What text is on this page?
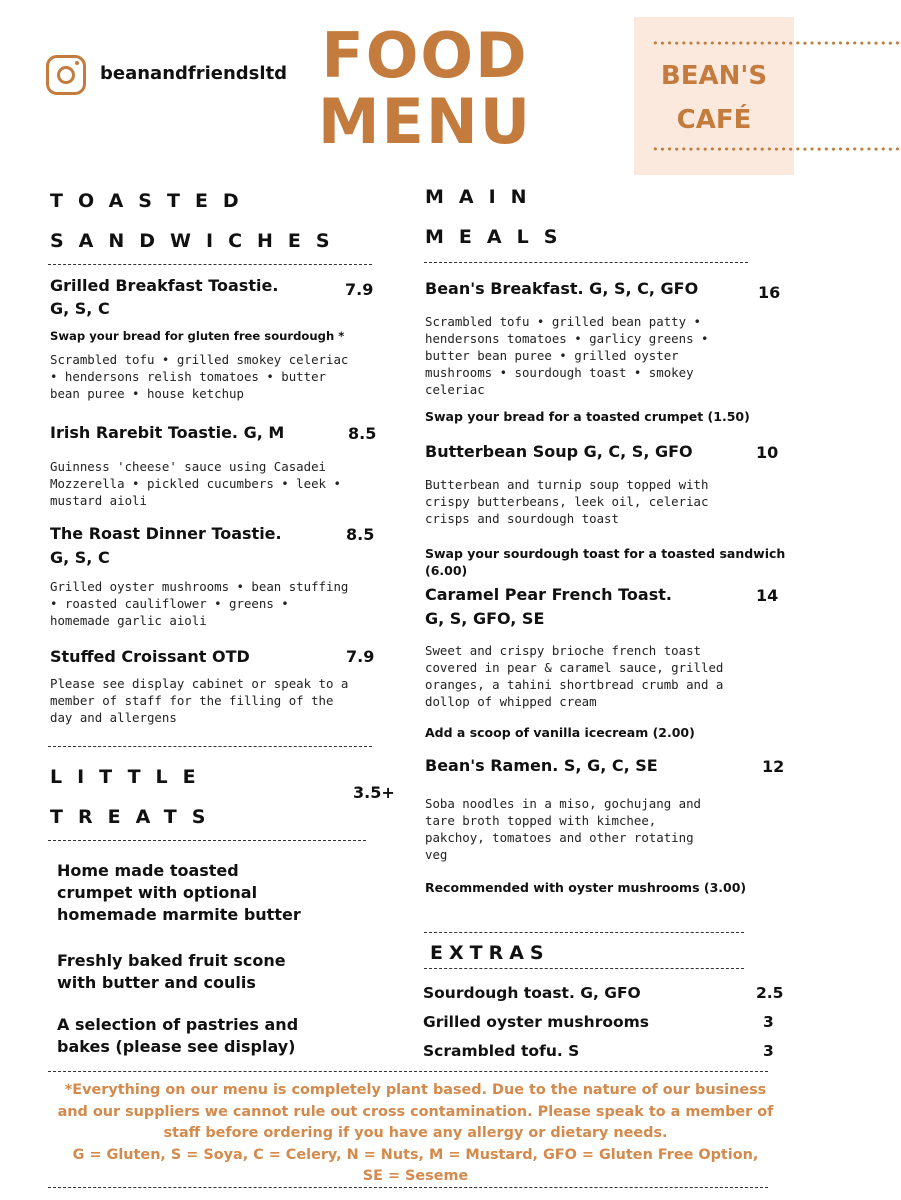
beanandfriendsltd FOOD
MENU
•∙•∙•∙•∙•∙•∙•∙•∙•∙•∙•∙•∙•∙•∙•∙•∙•∙•
BEAN'S
CAFÉ
•∙•∙•∙•∙•∙•∙•∙•∙•∙•∙•∙•∙•∙•∙•∙•∙•∙•
TOASTED
SANDWICHES
Grilled Breakfast Toastie.
G, S, C
7.9
Swap your bread for gluten free sourdough *
Scrambled tofu • grilled smokey celeriac • hendersons relish tomatoes • butter bean puree • house ketchup
Irish Rarebit Toastie. G, M	8.5
Guinness 'cheese' sauce using Casadei Mozzerella • pickled cucumbers • leek • mustard aioli
The Roast Dinner Toastie.
G, S, C
8.5
Grilled oyster mushrooms • bean stuffing • roasted cauliflower • greens • homemade garlic aioli
Stuffed Croissant OTD	7.9
Please see display cabinet or speak to a member of staff for the filling of the day and allergens
LITTLE
TREATS
3.5+
Home made toasted crumpet with optional homemade marmite butter
Freshly baked fruit scone with butter and coulis
A selection of pastries and bakes (please see display)
MAIN
MEALS
Bean's Breakfast. G, S, C, GFO	16
Scrambled tofu • grilled bean patty • hendersons tomatoes • garlicy greens • butter bean puree • grilled oyster mushrooms • sourdough toast • smokey celeriac
Swap your bread for a toasted crumpet (1.50)
Butterbean Soup G, C, S, GFO	10
Butterbean and turnip soup topped with crispy butterbeans, leek oil, celeriac crisps and sourdough toast
Swap your sourdough toast for a toasted sandwich (6.00)
Caramel Pear French Toast.
G, S, GFO, SE
14
Sweet and crispy brioche french toast covered in pear & caramel sauce, grilled oranges, a tahini shortbread crumb and a dollop of whipped cream
Add a scoop of vanilla icecream (2.00)
Bean's Ramen. S, G, C, SE	12
Soba noodles in a miso, gochujang and tare broth topped with kimchee, pakchoy, tomatoes and other rotating veg
Recommended with oyster mushrooms (3.00)
EXTRAS
Sourdough toast. G, GFO	2.5
Grilled oyster mushrooms	3
Scrambled tofu. S	3
*Everything on our menu is completely plant based. Due to the nature of our business
and our suppliers we cannot rule out cross contamination. Please speak to a member of
staff before ordering if you have any allergy or dietary needs.
G = Gluten, S = Soya, C = Celery, N = Nuts, M = Mustard, GFO = Gluten Free Option,
SE = Seseme
